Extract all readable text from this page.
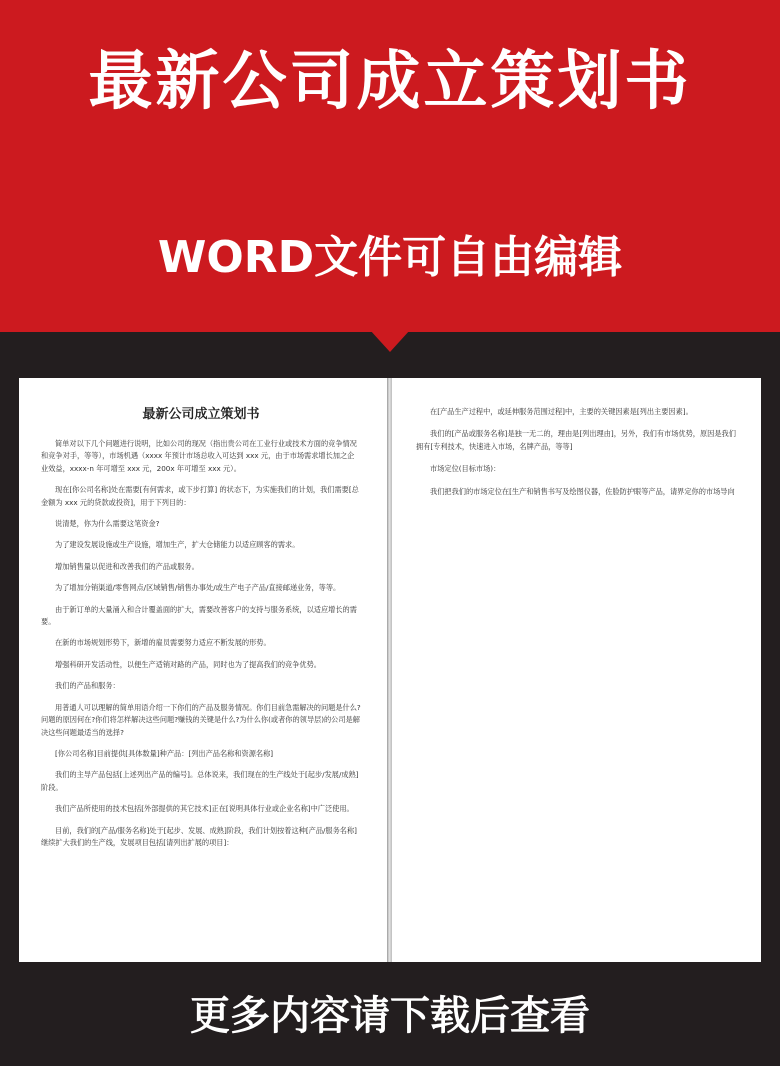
最新公司成立策划书
WORD文件可自由编辑
最新公司成立策划书

简单对以下几个问题进行说明，比如公司的现况（指出贵公司在工业行业或技术方面的竞争情况和竞争对手，等等），市场机遇（xxxx 年预计市场总收入可达到 xxx 元，由于市场需求增长加之企业效益，xxxx-n 年可增至 xxx 元，200x 年可增至 xxx 元）。

现在[你公司名称]处在需要[有何需求，或下步打算] 的状态下，为实施我们的计划，我们需要[总金额为 xxx 元的贷款或投资]，用于下列目的：

说清楚，你为什么需要这笔资金?

为了建设发展设施或生产设施，增加生产，扩大仓储能力以适应顾客的需求。

增加销售量以促进和改善我们的产品或服务。

为了增加分销渠道/零售网点/区域销售/销售办事处/或生产电子产品/直接邮递业务，等等。

由于新订单的大量涌入和合计覆盖面的扩大，需要改善客户的支持与服务系统，以适应增长的需要。

在新的市场规划形势下，新增的雇员需要努力适应不断发展的形势。

增强科研开发活动性，以便生产适销对路的产品，同时也为了提高我们的竞争优势。

我们的产品和服务：

用普通人可以理解的简单用语介绍一下你们的产品及服务情况。你们目前急需解决的问题是什么?问题的原因何在?你们将怎样解决这些问题?赚钱的关键是什么?为什么你(或者你的领导层)的公司是解决这些问题最适当的选择?

[你公司名称]目前提供[具体数量]种产品：[列出产品名称和资源名称]

我们的主导产品包括[上述列出产品的编号]。总体说来，我们现在的生产线处于[起步/发展/成熟]阶段。

我们产品所使用的技术包括[外部提供的其它技术]正在[说明具体行业或企业名称]中广泛使用。

目前，我们的[产品/服务名称]处于[起步、发展、成熟]阶段，我们计划按着这种[产品/服务名称]继续扩大我们的生产线，发展项目包括[请列出扩展的项目]：

在[产品生产过程中，或延伸服务范围过程]中，主要的关键因素是[列出主要因素]。

我们的[产品或服务名称]是独一无二的，理由是[列出理由]，另外，我们有市场优势，原因是我们拥有[专利技术，快速进入市场，名牌产品，等等]

市场定位(目标市场)：

我们把我们的市场定位在[生产和销售书写及绘图仪器，佐脸防护眼等产品，请界定你的市场导向

更多内容请下载后查看
